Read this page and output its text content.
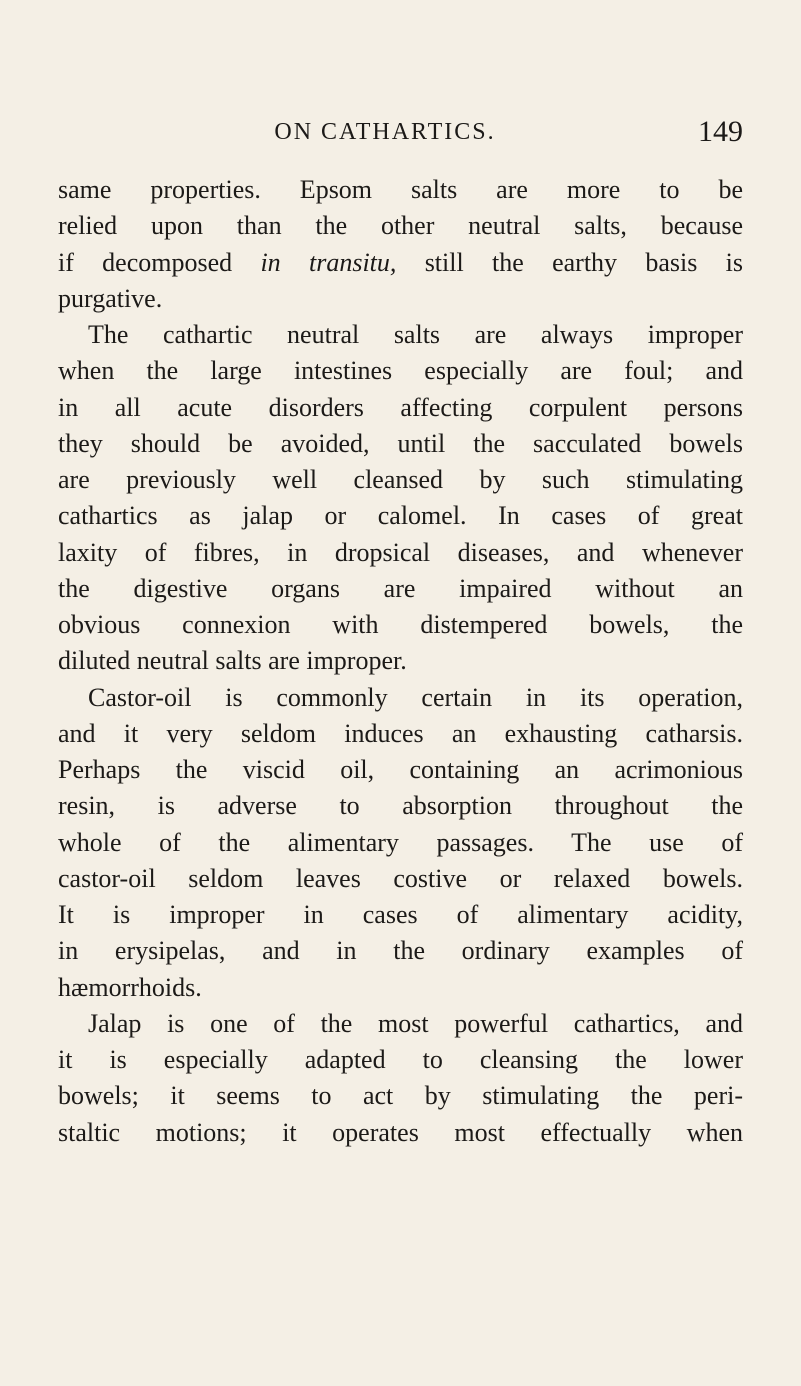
ON CATHARTICS.	149
same properties. Epsom salts are more to be
relied upon than the other neutral salts, because
if decomposed in transitu, still the earthy basis is
purgative.
The cathartic neutral salts are always improper
when the large intestines especially are foul; and
in all acute disorders affecting corpulent persons
they should be avoided, until the sacculated bowels
are previously well cleansed by such stimulating
cathartics as jalap or calomel. In cases of great
laxity of fibres, in dropsical diseases, and whenever
the digestive organs are impaired without an
obvious connexion with distempered bowels, the
diluted neutral salts are improper.
Castor-oil is commonly certain in its operation,
and it very seldom induces an exhausting catharsis.
Perhaps the viscid oil, containing an acrimonious
resin, is adverse to absorption throughout the
whole of the alimentary passages. The use of
castor-oil seldom leaves costive or relaxed bowels.
It is improper in cases of alimentary acidity,
in erysipelas, and in the ordinary examples of
hæmorrhoids.
Jalap is one of the most powerful cathartics, and
it is especially adapted to cleansing the lower
bowels; it seems to act by stimulating the peri-
staltic motions; it operates most effectually when
